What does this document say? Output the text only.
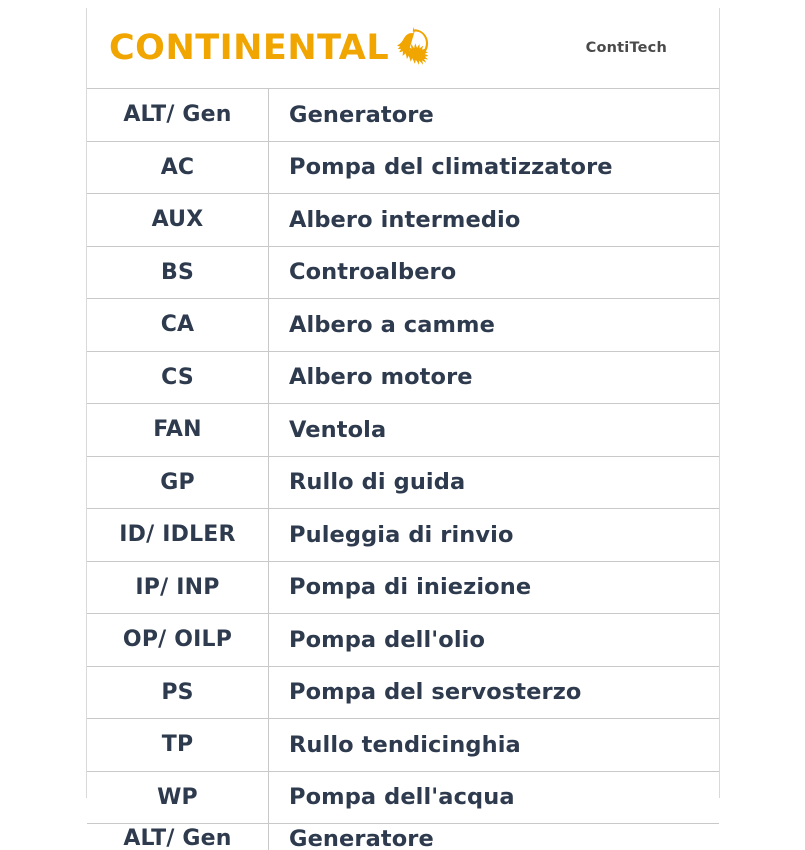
CONTINENTAL	ContiTech
ALT/ Gen	Generatore
AC	Pompa del climatizzatore
AUX	Albero intermedio
BS	Controalbero
CA	Albero a camme
CS	Albero motore
FAN	Ventola
GP	Rullo di guida
ID/ IDLER	Puleggia di rinvio
IP/ INP	Pompa di iniezione
OP/ OILP	Pompa dell'olio
PS	Pompa del servosterzo
TP	Rullo tendicinghia
WP	Pompa dell'acqua
ALT/ Gen	Generatore
